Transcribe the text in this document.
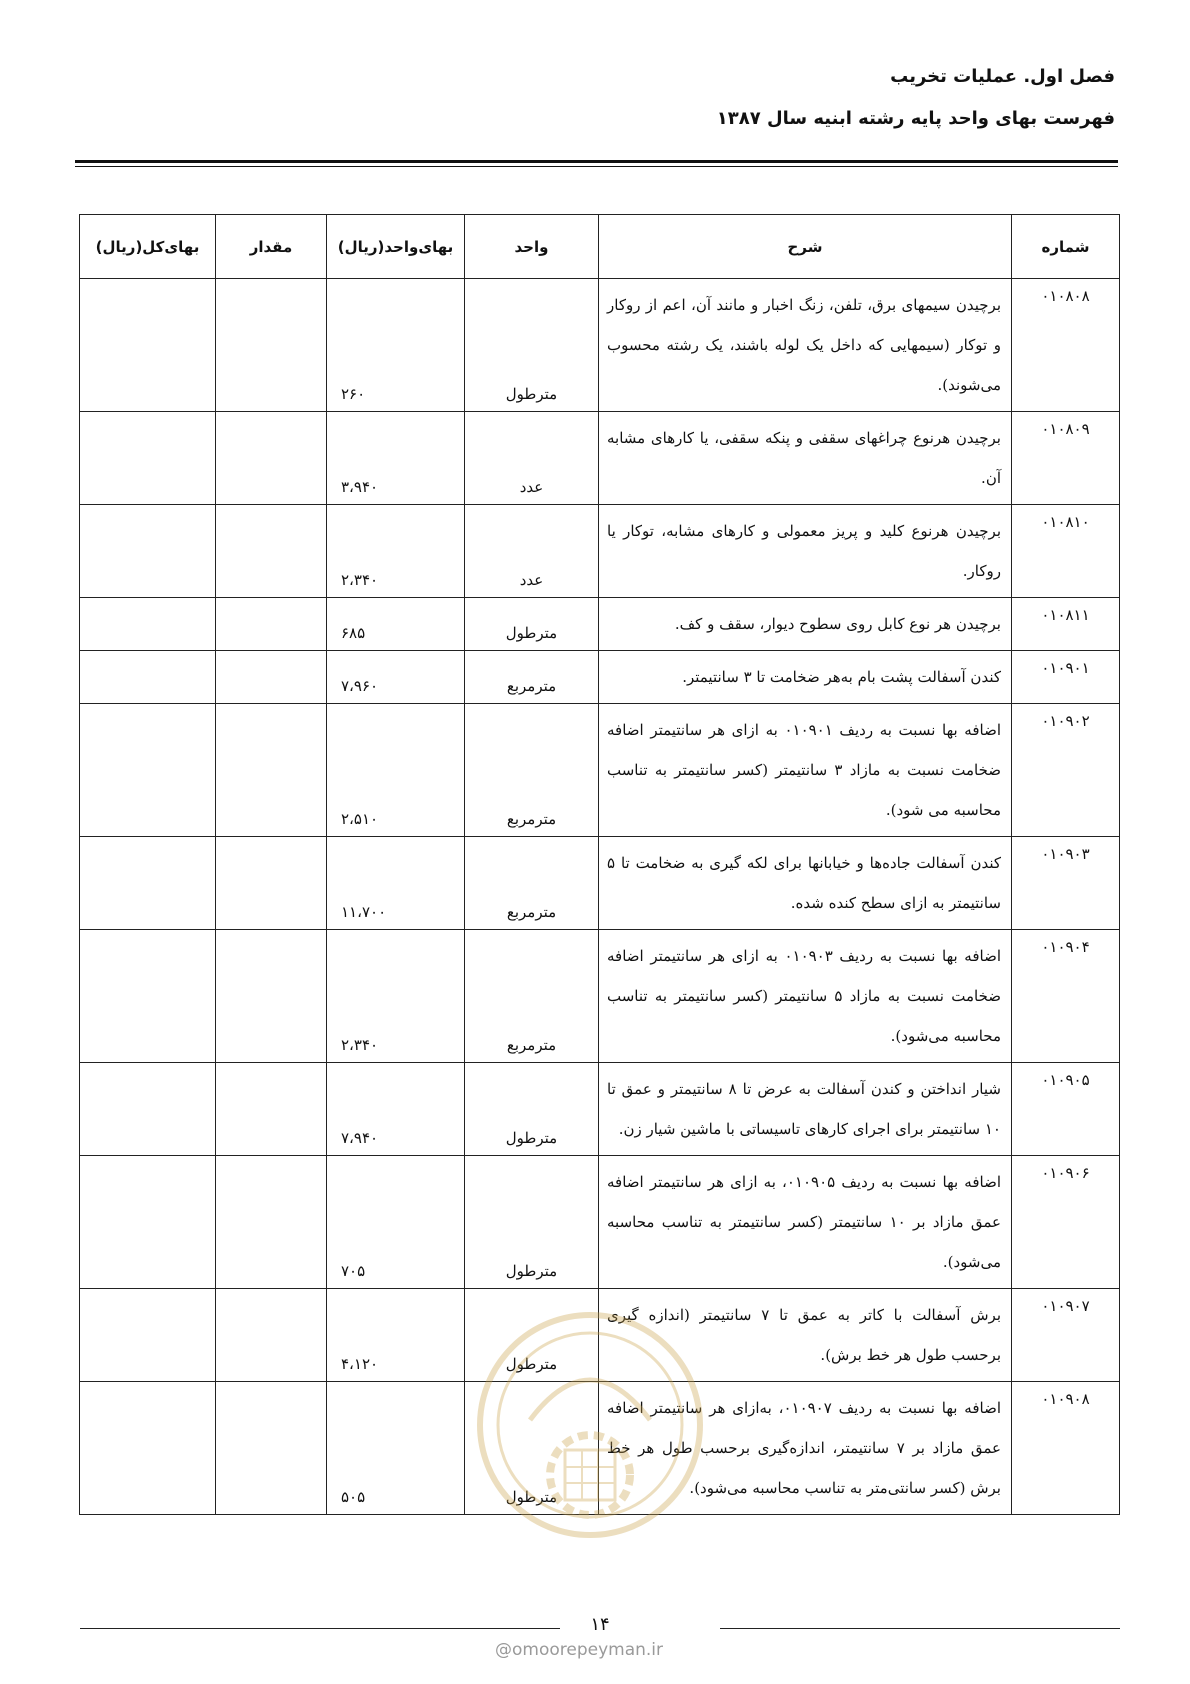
فصل اول. عملیات تخریب
فهرست بهای واحد پایه رشته ابنیه سال ۱۳۸۷
شماره	شرح	واحد	بهای‌واحد(ریال)	مقدار	بهای‌کل(ریال)
۰۱۰۸۰۸	برچیدن سیمهای برق، تلفن، زنگ اخبار و مانند آن، اعم از روکار و توکار (سیمهایی که داخل یک لوله باشند، یک رشته محسوب می‌شوند).	مترطول	۲۶۰		
۰۱۰۸۰۹	برچیدن هرنوع چراغهای سقفی و پنکه سقفی، یا کارهای مشابه آن.	عدد	۳،۹۴۰		
۰۱۰۸۱۰	برچیدن هرنوع کلید و پریز معمولی و کارهای مشابه، توکار یا روکار.	عدد	۲،۳۴۰		
۰۱۰۸۱۱	برچیدن هر نوع کابل روی سطوح دیوار، سقف و کف.	مترطول	۶۸۵		
۰۱۰۹۰۱	کندن آسفالت پشت بام به‌هر ضخامت تا ۳ سانتیمتر.	مترمربع	۷،۹۶۰		
۰۱۰۹۰۲	اضافه بها نسبت به ردیف ۰۱۰۹۰۱ به ازای هر سانتیمتر اضافه ضخامت نسبت به مازاد ۳ سانتیمتر (کسر سانتیمتر به تناسب محاسبه می شود).	مترمربع	۲،۵۱۰		
۰۱۰۹۰۳	کندن آسفالت جاده‌ها و خیابانها برای لکه گیری به ضخامت تا ۵ سانتیمتر به ازای سطح کنده شده.	مترمربع	۱۱،۷۰۰		
۰۱۰۹۰۴	اضافه بها نسبت به ردیف ۰۱۰۹۰۳ به ازای هر سانتیمتر اضافه ضخامت نسبت به مازاد ۵ سانتیمتر (کسر سانتیمتر به تناسب محاسبه می‌شود).	مترمربع	۲،۳۴۰		
۰۱۰۹۰۵	شیار انداختن و کندن آسفالت به عرض تا ۸ سانتیمتر و عمق تا ۱۰ سانتیمتر برای اجرای کارهای تاسیساتی با ماشین شیار زن.	مترطول	۷،۹۴۰		
۰۱۰۹۰۶	اضافه بها نسبت به ردیف ۰۱۰۹۰۵، به ازای هر سانتیمتر اضافه عمق مازاد بر ۱۰ سانتیمتر (کسر سانتیمتر به تناسب محاسبه می‌شود).	مترطول	۷۰۵		
۰۱۰۹۰۷	برش آسفالت با کاتر به عمق تا ۷ سانتیمتر (اندازه گیری برحسب طول هر خط برش).	مترطول	۴،۱۲۰		
۰۱۰۹۰۸	اضافه بها نسبت به ردیف ۰۱۰۹۰۷، به‌ازای هر سانتیمتر اضافه عمق مازاد بر ۷ سانتیمتر، اندازه‌گیری برحسب طول هر خط برش (کسر سانتی‌متر به تناسب محاسبه می‌شود).	مترطول	۵۰۵		
۱۴
@omoorepeyman.ir
